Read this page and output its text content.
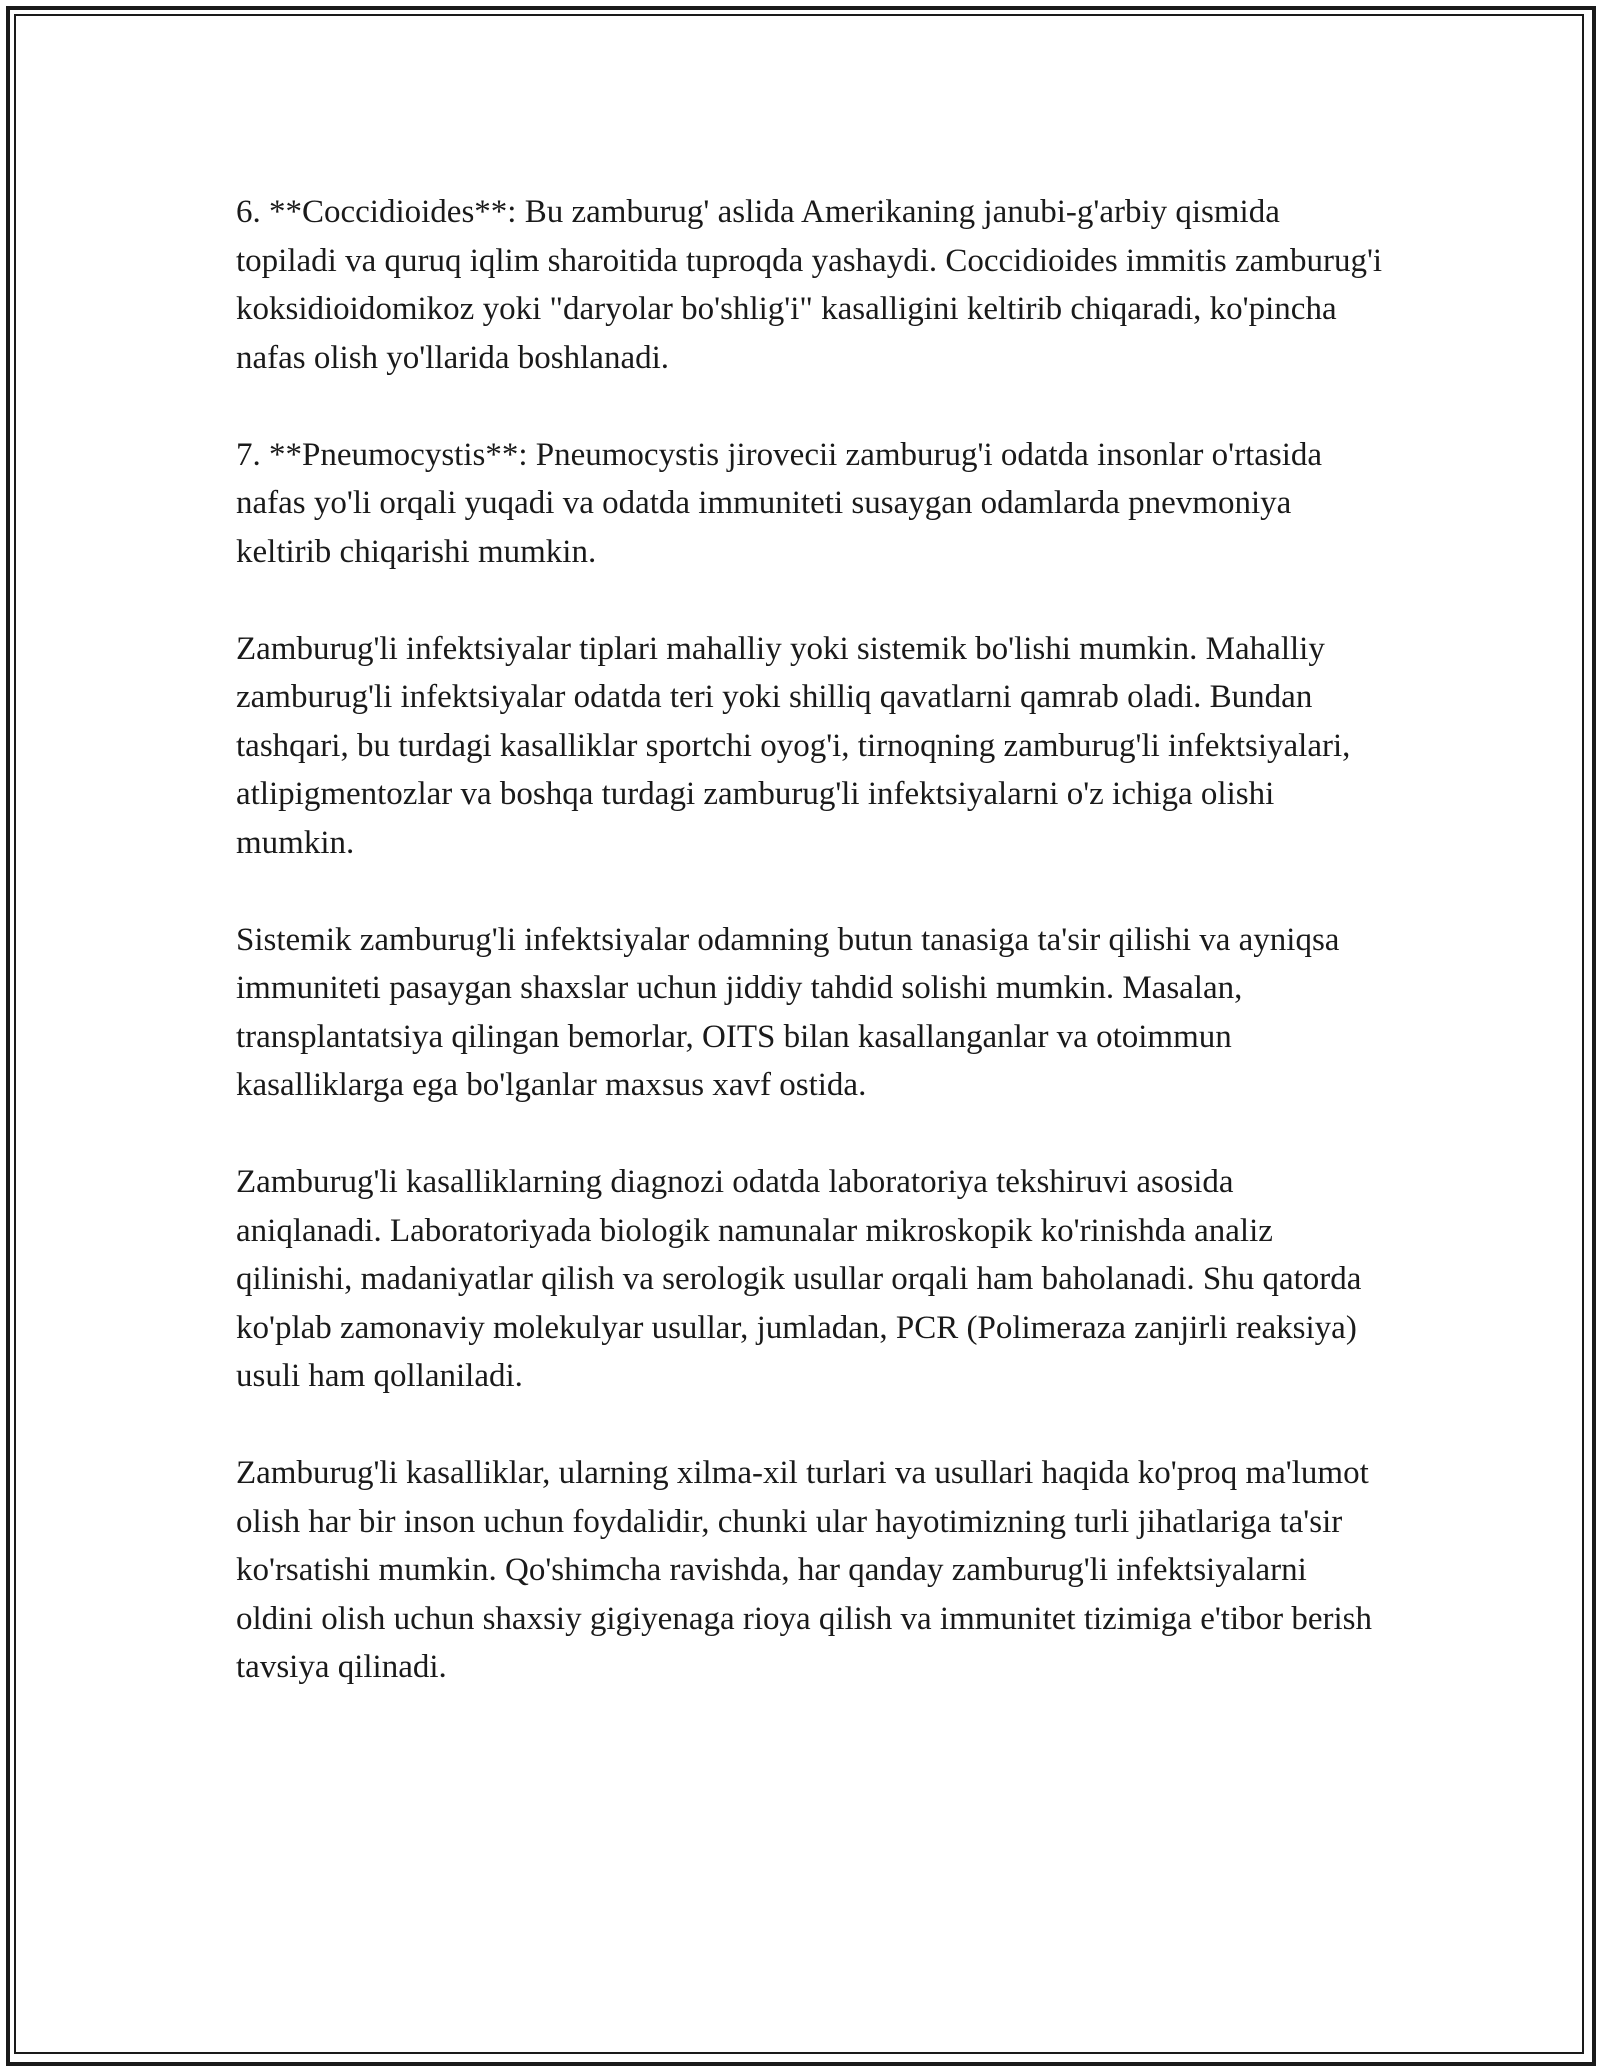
6. **Coccidioides**: Bu zamburug' aslida Amerikaning janubi-g'arbiy qismida topiladi va quruq iqlim sharoitida tuproqda yashaydi. Coccidioides immitis zamburug'i koksidioidomikoz yoki "daryolar bo'shlig'i" kasalligini keltirib chiqaradi, ko'pincha nafas olish yo'llarida boshlanadi.

7. **Pneumocystis**: Pneumocystis jirovecii zamburug'i odatda insonlar o'rtasida nafas yo'li orqali yuqadi va odatda immuniteti susaygan odamlarda pnevmoniya keltirib chiqarishi mumkin.

Zamburug'li infektsiyalar tiplari mahalliy yoki sistemik bo'lishi mumkin. Mahalliy zamburug'li infektsiyalar odatda teri yoki shilliq qavatlarni qamrab oladi. Bundan tashqari, bu turdagi kasalliklar sportchi oyog'i, tirnoqning zamburug'li infektsiyalari, atlipigmentozlar va boshqa turdagi zamburug'li infektsiyalarni o'z ichiga olishi mumkin.

Sistemik zamburug'li infektsiyalar odamning butun tanasiga ta'sir qilishi va ayniqsa immuniteti pasaygan shaxslar uchun jiddiy tahdid solishi mumkin. Masalan, transplantatsiya qilingan bemorlar, OITS bilan kasallanganlar va otoimmun kasalliklarga ega bo'lganlar maxsus xavf ostida.

Zamburug'li kasalliklarning diagnozi odatda laboratoriya tekshiruvi asosida aniqlanadi. Laboratoriyada biologik namunalar mikroskopik ko'rinishda analiz qilinishi, madaniyatlar qilish va serologik usullar orqali ham baholanadi. Shu qatorda ko'plab zamonaviy molekulyar usullar, jumladan, PCR (Polimeraza zanjirli reaksiya) usuli ham qollaniladi.

Zamburug'li kasalliklar, ularning xilma-xil turlari va usullari haqida ko'proq ma'lumot olish har bir inson uchun foydalidir, chunki ular hayotimizning turli jihatlariga ta'sir ko'rsatishi mumkin. Qo'shimcha ravishda, har qanday zamburug'li infektsiyalarni oldini olish uchun shaxsiy gigiyenaga rioya qilish va immunitet tizimiga e'tibor berish tavsiya qilinadi.
